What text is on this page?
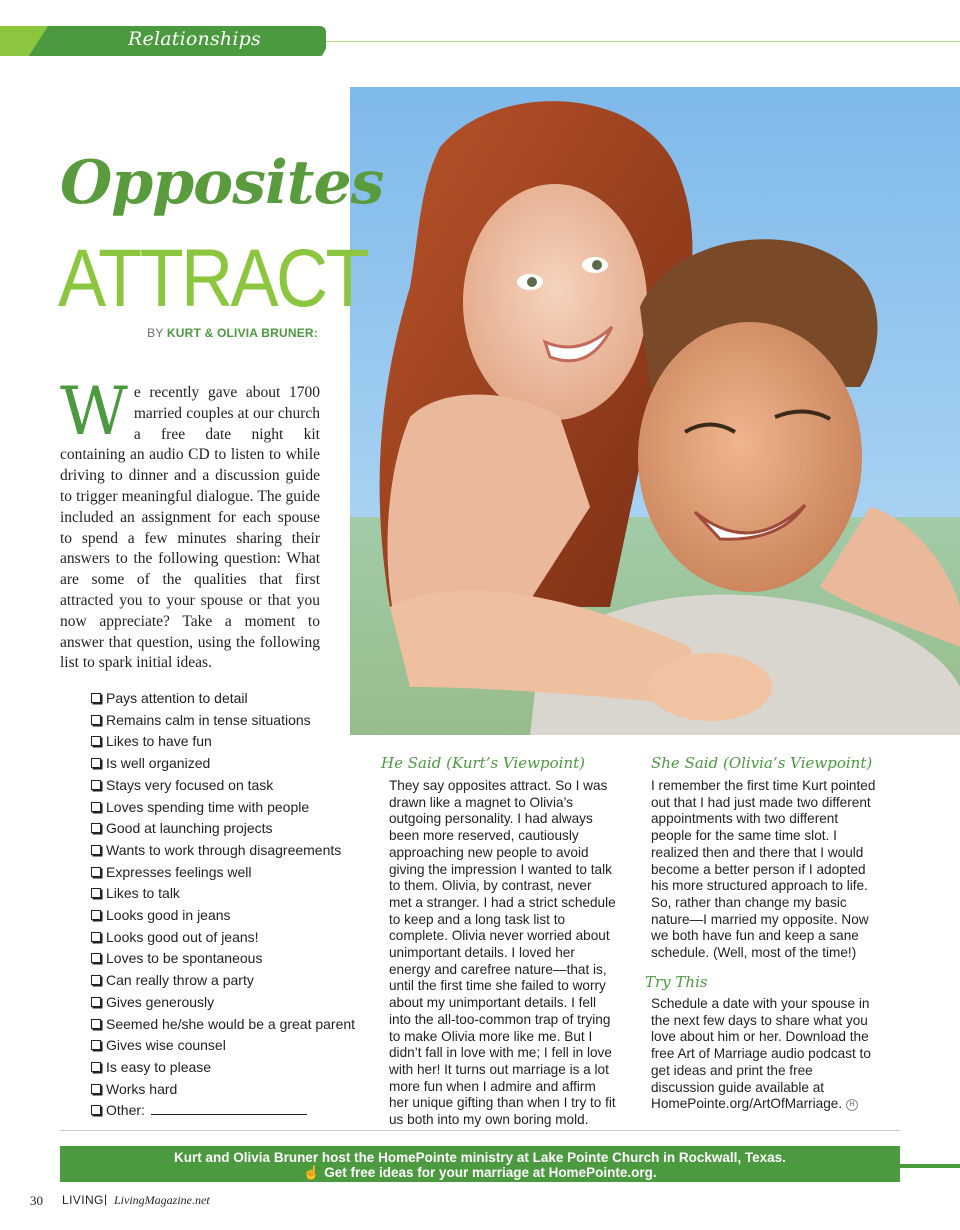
Relationships
Opposites
ATTRACT
BY KURT & OLIVIA BRUNER:
We recently gave about 1700 married couples at our church a free date night kit containing an audio CD to listen to while driving to dinner and a discussion guide to trigger meaningful dialogue. The guide included an assignment for each spouse to spend a few minutes sharing their answers to the following question: What are some of the qualities that first attracted you to your spouse or that you now appreciate? Take a moment to answer that question, using the following list to spark initial ideas.
Pays attention to detail
Remains calm in tense situations
Likes to have fun
Is well organized
Stays very focused on task
Loves spending time with people
Good at launching projects
Wants to work through disagreements
Expresses feelings well
Likes to talk
Looks good in jeans
Looks good out of jeans!
Loves to be spontaneous
Can really throw a party
Gives generously
Seemed he/she would be a great parent
Gives wise counsel
Is easy to please
Works hard
Other:
He Said (Kurt’s Viewpoint)
They say opposites attract. So I was drawn like a magnet to Olivia’s outgoing personality. I had always been more reserved, cautiously approaching new people to avoid giving the impression I wanted to talk to them. Olivia, by contrast, never met a stranger. I had a strict schedule to keep and a long task list to complete. Olivia never worried about unimportant details. I loved her energy and carefree nature—that is, until the first time she failed to worry about my unimportant details. I fell into the all-too-common trap of trying to make Olivia more like me. But I didn’t fall in love with me; I fell in love with her! It turns out marriage is a lot more fun when I admire and affirm her unique gifting than when I try to fit us both into my own boring mold.
She Said (Olivia’s Viewpoint)
I remember the first time Kurt pointed out that I had just made two different appointments with two different people for the same time slot. I realized then and there that I would become a better person if I adopted his more structured approach to life. So, rather than change my basic nature—I married my opposite. Now we both have fun and keep a sane schedule. (Well, most of the time!)
Try This
Schedule a date with your spouse in the next few days to share what you love about him or her. Download the free Art of Marriage audio podcast to get ideas and print the free discussion guide available at HomePointe.org/ArtOfMarriage. H
Kurt and Olivia Bruner host the HomePointe ministry at Lake Pointe Church in Rockwall, Texas.
☝ Get free ideas for your marriage at HomePointe.org.
30 LIVING | LivingMagazine.net
